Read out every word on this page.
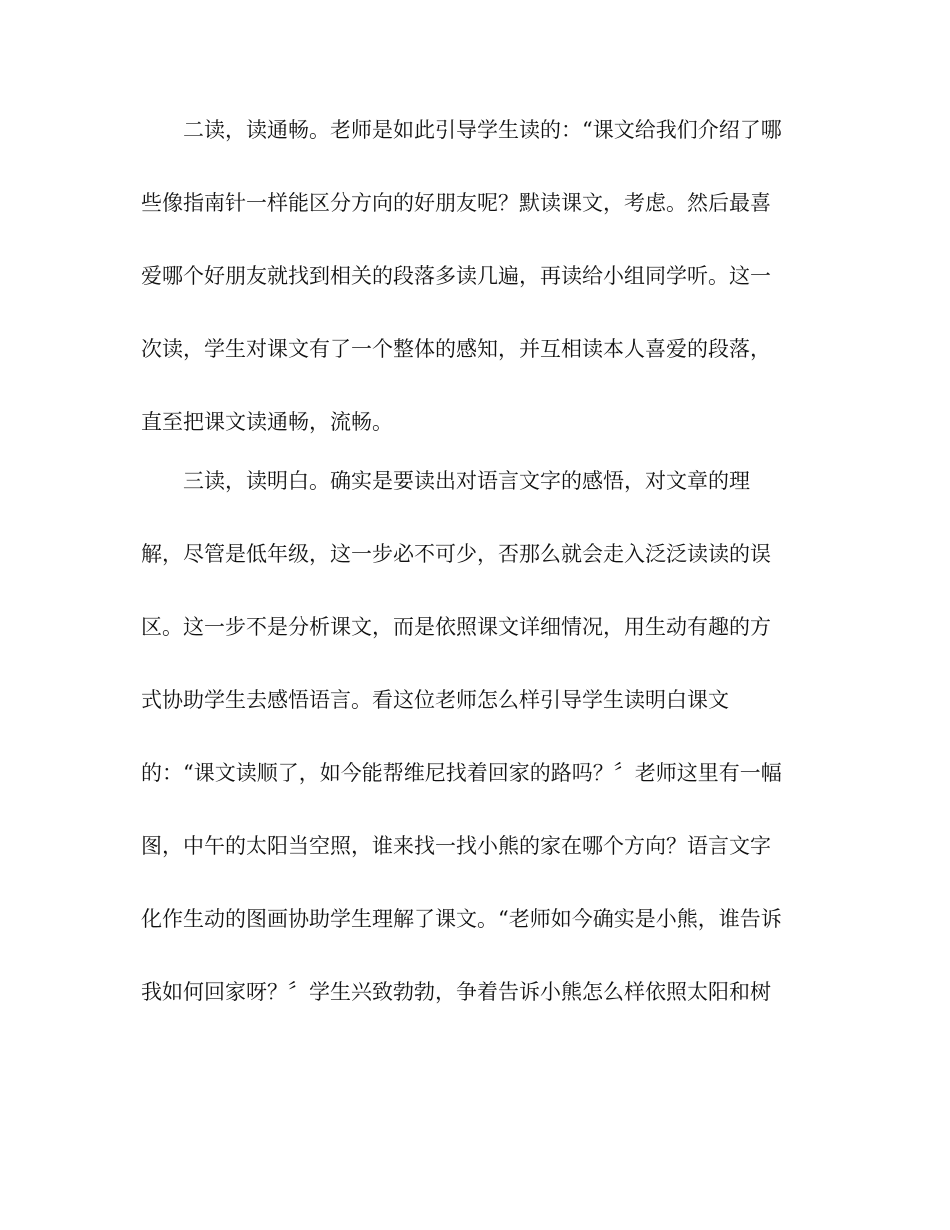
二读，读通畅。老师是如此引导学生读的：“课文给我们介绍了哪
些像指南针一样能区分方向的好朋友呢？默读课文，考虑。然后最喜
爱哪个好朋友就找到相关的段落多读几遍，再读给小组同学听。这一
次读，学生对课文有了一个整体的感知，并互相读本人喜爱的段落，
直至把课文读通畅，流畅。
三读，读明白。确实是要读出对语言文字的感悟，对文章的理
解，尽管是低年级，这一步必不可少，否那么就会走入泛泛读读的误
区。这一步不是分析课文，而是依照课文详细情况，用生动有趣的方
式协助学生去感悟语言。看这位老师怎么样引导学生读明白课文
的：“课文读顺了，如今能帮维尼找着回家的路吗？〞老师这里有一幅
图，中午的太阳当空照，谁来找一找小熊的家在哪个方向？语言文字
化作生动的图画协助学生理解了课文。“老师如今确实是小熊，谁告诉
我如何回家呀？〞学生兴致勃勃，争着告诉小熊怎么样依照太阳和树
